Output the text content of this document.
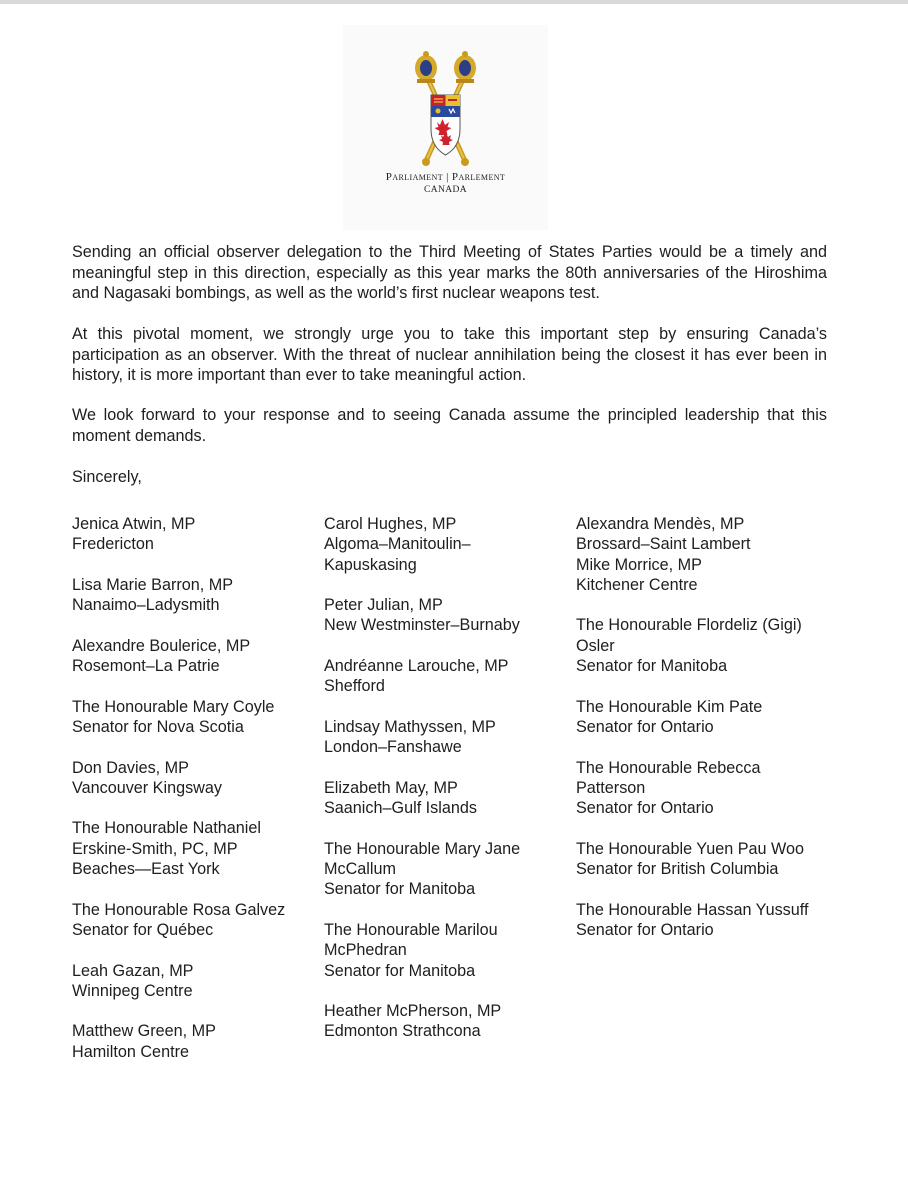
Parliament | Parlement
CANADA
Sending an official observer delegation to the Third Meeting of States Parties would be a timely and
meaningful step in this direction, especially as this year marks the 80th anniversaries of the Hiroshima
and Nagasaki bombings, as well as the world’s first nuclear weapons test.
At this pivotal moment, we strongly urge you to take this important step by ensuring Canada’s
participation as an observer. With the threat of nuclear annihilation being the closest it has ever been in
history, it is more important than ever to take meaningful action.
We look forward to your response and to seeing Canada assume the principled leadership that this
moment demands.
Sincerely,
Jenica Atwin, MP
Fredericton
Lisa Marie Barron, MP
Nanaimo–Ladysmith
Alexandre Boulerice, MP
Rosemont–La Patrie
The Honourable Mary Coyle
Senator for Nova Scotia
Don Davies, MP
Vancouver Kingsway
The Honourable Nathaniel
Erskine-Smith, PC, MP
Beaches—East York
The Honourable Rosa Galvez
Senator for Québec
Leah Gazan, MP
Winnipeg Centre
Matthew Green, MP
Hamilton Centre
Carol Hughes, MP
Algoma–Manitoulin–
Kapuskasing
Peter Julian, MP
New Westminster–Burnaby
Andréanne Larouche, MP
Shefford
Lindsay Mathyssen, MP
London–Fanshawe
Elizabeth May, MP
Saanich–Gulf Islands
The Honourable Mary Jane
McCallum
Senator for Manitoba
The Honourable Marilou
McPhedran
Senator for Manitoba
Heather McPherson, MP
Edmonton Strathcona
Alexandra Mendès, MP
Brossard–Saint Lambert
Mike Morrice, MP
Kitchener Centre
The Honourable Flordeliz (Gigi)
Osler
Senator for Manitoba
The Honourable Kim Pate
Senator for Ontario
The Honourable Rebecca
Patterson
Senator for Ontario
The Honourable Yuen Pau Woo
Senator for British Columbia
The Honourable Hassan Yussuff
Senator for Ontario
